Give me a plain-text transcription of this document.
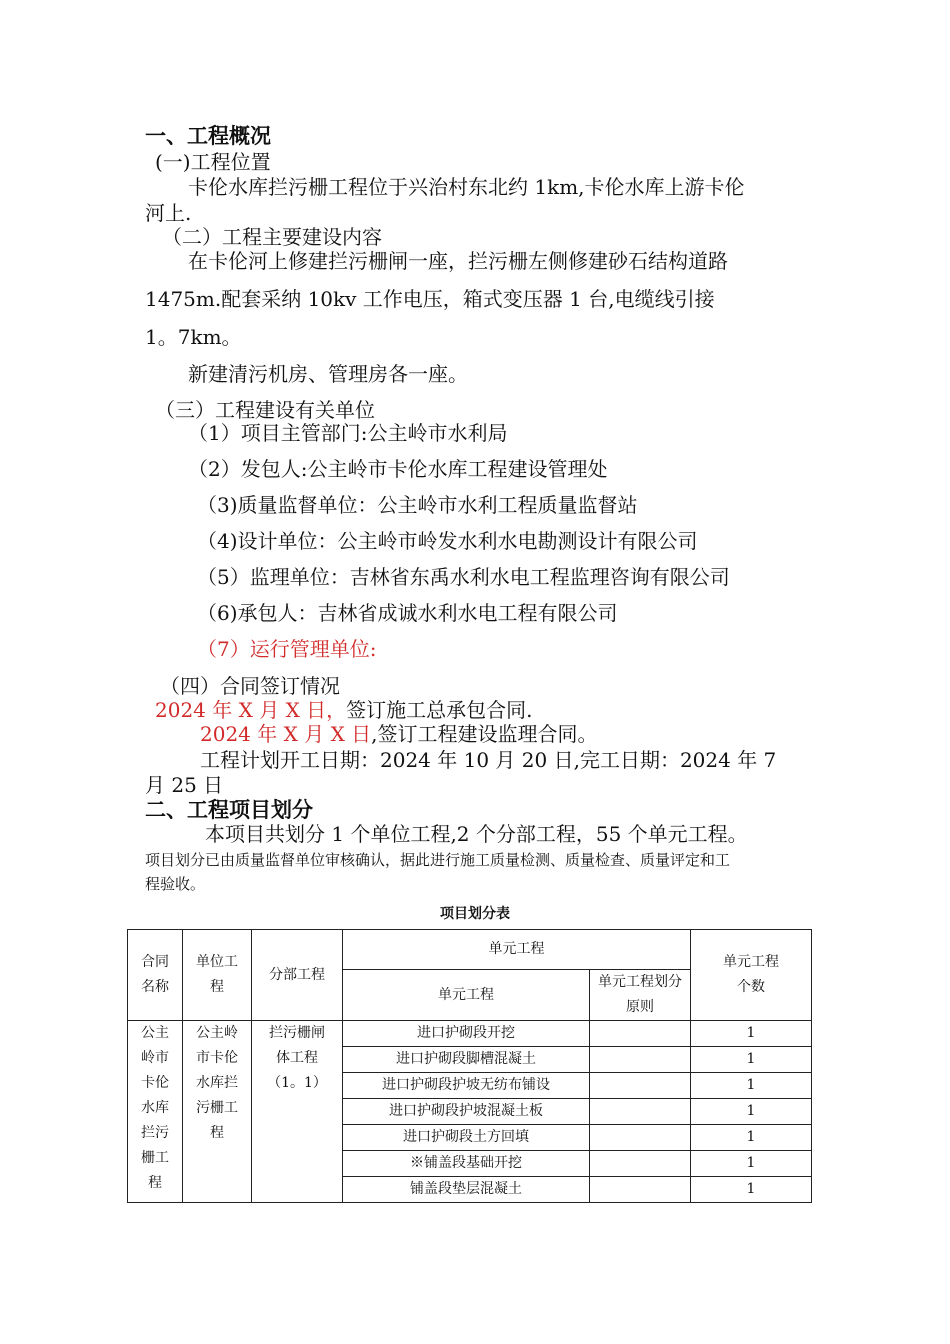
一、工程概况
(一)工程位置
卡伦水库拦污栅工程位于兴治村东北约 1km,卡伦水库上游卡伦
河上.
（二）工程主要建设内容
在卡伦河上修建拦污栅闸一座，拦污栅左侧修建砂石结构道路
1475m.配套采纳 10kv 工作电压，箱式变压器 1 台,电缆线引接
1。7km。
新建清污机房、管理房各一座。
（三）工程建设有关单位
（1）项目主管部门:公主岭市水利局
（2）发包人:公主岭市卡伦水库工程建设管理处
（3)质量监督单位：公主岭市水利工程质量监督站
（4)设计单位：公主岭市岭发水利水电勘测设计有限公司
（5）监理单位：吉林省东禹水利水电工程监理咨询有限公司
（6)承包人：吉林省成诚水利水电工程有限公司
（7）运行管理单位:
（四）合同签订情况
2024 年 X 月 X 日，签订施工总承包合同.
2024 年 X 月 X 日,签订工程建设监理合同。
工程计划开工日期：2024 年 10 月 20 日,完工日期：2024 年 7
月 25 日
二、工程项目划分
本项目共划分 1 个单位工程,2 个分部工程，55 个单元工程。
项目划分已由质量监督单位审核确认，据此进行施工质量检测、质量检查、质量评定和工
程验收。
项目划分表
合同名称	单位工程	分部工程	单元工程		单元工程个数
			单元工程	单元工程划分原则	
公主岭市卡伦水库拦污栅工程	公主岭市卡伦水库拦污栅工程	拦污栅闸体工程（1。1）	进口护砌段开挖		1
			进口护砌段脚槽混凝土		1
			进口护砌段护坡无纺布铺设		1
			进口护砌段护坡混凝土板		1
			进口护砌段土方回填		1
			※铺盖段基础开挖		1
			铺盖段垫层混凝土		1
